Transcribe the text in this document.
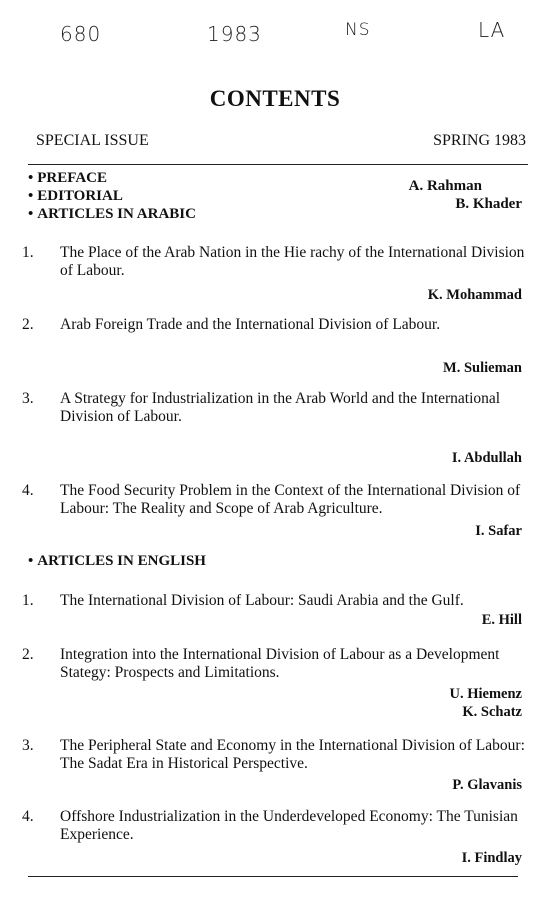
680	1983	NS	LA
CONTENTS
SPECIAL ISSUE	SPRING 1983
• PREFACE
• EDITORIAL
• ARTICLES IN ARABIC
A. Rahman
B. Khader
1.	The Place of the Arab Nation in the Hie rachy of the International Division of Labour.
K. Mohammad
2.	Arab Foreign Trade and the International Division of Labour.
M. Sulieman
3.	A Strategy for Industrialization in the Arab World and the International Division of Labour.
I. Abdullah
4.	The Food Security Problem in the Context of the International Division of Labour: The Reality and Scope of Arab Agriculture.
I. Safar
• ARTICLES IN ENGLISH
1.	The International Division of Labour: Saudi Arabia and the Gulf.
E. Hill
2.	Integration into the International Division of Labour as a Development Stategy: Prospects and Limitations.
U. Hiemenz
K. Schatz
3.	The Peripheral State and Economy in the International Division of Labour: The Sadat Era in Historical Perspective.
P. Glavanis
4.	Offshore Industrialization in the Underdeveloped Economy: The Tunisian Experience.
I. Findlay
